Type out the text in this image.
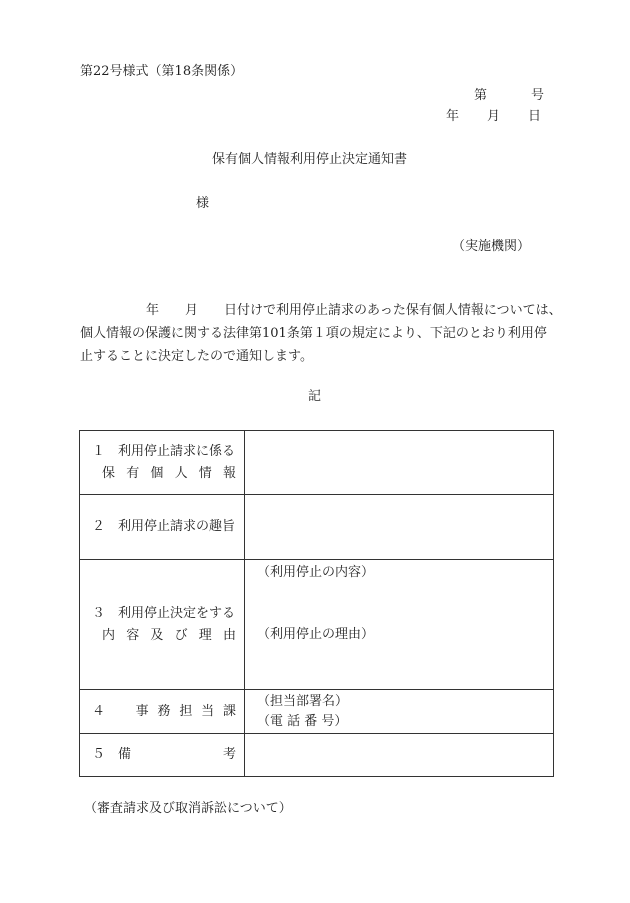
第22号様式（第18条関係）
第	号
年 月 日
保有個人情報利用停止決定通知書
様
（実施機関）
年 月 日付けで利用停止請求のあった保有個人情報については、
個人情報の保護に関する法律第101条第１項の規定により、下記のとおり利用停
止することに決定したので通知します。
記
１　利用停止請求に係る
保有個人情報	

２　利用停止請求の趣旨	

３　利用停止決定をする
内容及び理由	（利用停止の内容）
（利用停止の理由）

４　事務担当課	（担当部署名）
（電 話 番 号）

５　備 考	

（審査請求及び取消訴訟について）
